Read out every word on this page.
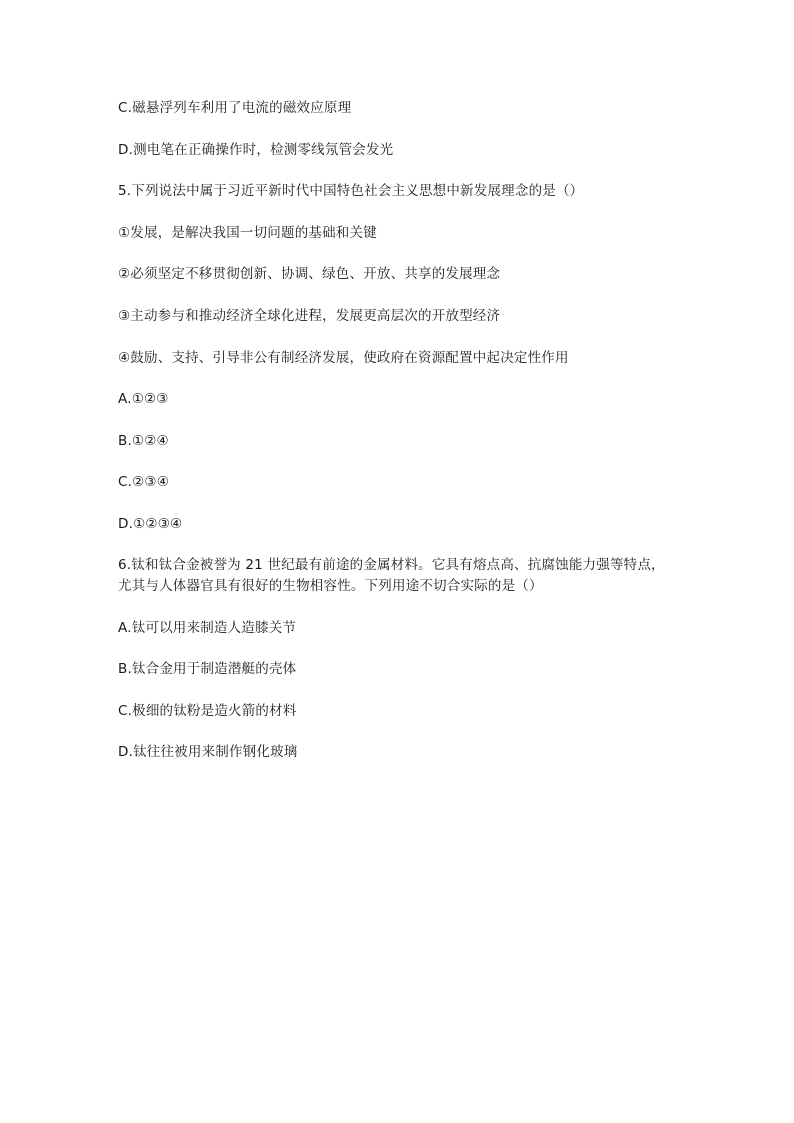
C.磁悬浮列车利用了电流的磁效应原理
D.测电笔在正确操作时，检测零线氖管会发光
5.下列说法中属于习近平新时代中国特色社会主义思想中新发展理念的是（）
①发展，是解决我国一切问题的基础和关键
②必须坚定不移贯彻创新、协调、绿色、开放、共享的发展理念
③主动参与和推动经济全球化进程，发展更高层次的开放型经济
④鼓励、支持、引导非公有制经济发展，使政府在资源配置中起决定性作用
A.①②③
B.①②④
C.②③④
D.①②③④
6.钛和钛合金被誉为 21 世纪最有前途的金属材料。它具有熔点高、抗腐蚀能力强等特点，
尤其与人体器官具有很好的生物相容性。下列用途不切合实际的是（）
A.钛可以用来制造人造膝关节
B.钛合金用于制造潜艇的壳体
C.极细的钛粉是造火箭的材料
D.钛往往被用来制作钢化玻璃
